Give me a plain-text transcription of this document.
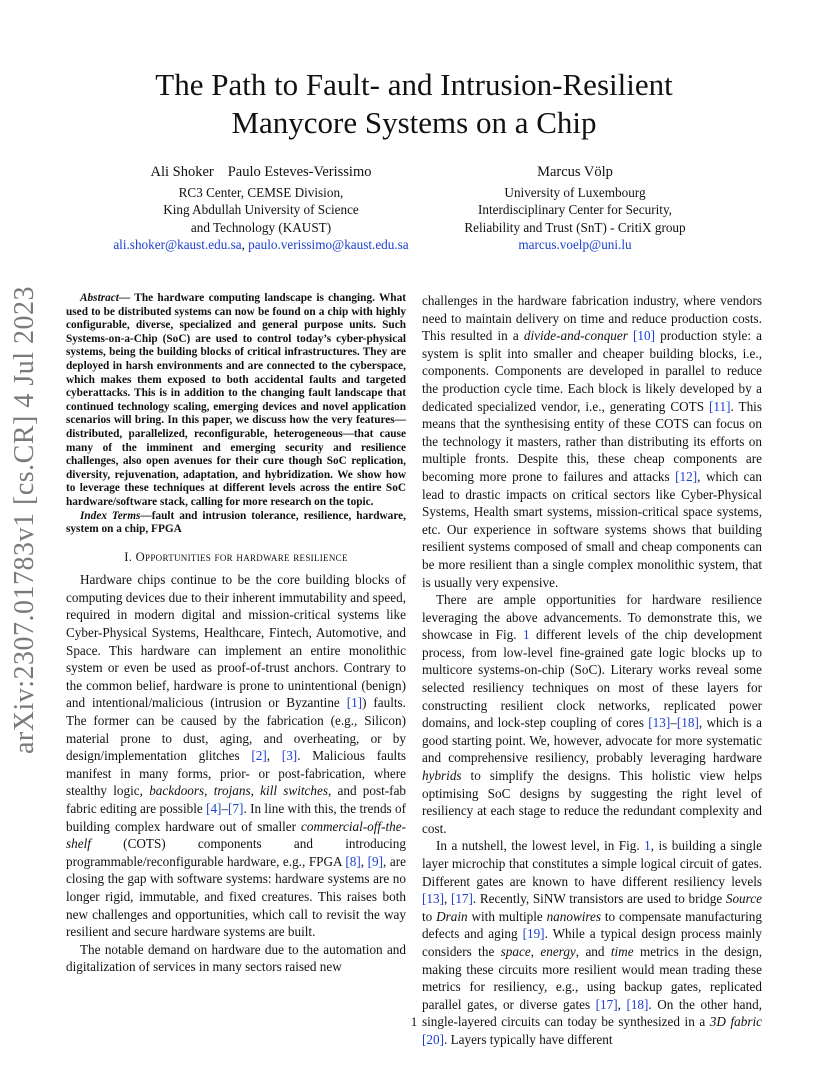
arXiv:2307.01783v1 [cs.CR] 4 Jul 2023
The Path to Fault- and Intrusion-Resilient
Manycore Systems on a Chip
Ali Shoker Paulo Esteves-Verissimo
RC3 Center, CEMSE Division,
King Abdullah University of Science
and Technology (KAUST)
ali.shoker@kaust.edu.sa, paulo.verissimo@kaust.edu.sa
Marcus Völp
University of Luxembourg
Interdisciplinary Center for Security,
Reliability and Trust (SnT) - CritiX group
marcus.voelp@uni.lu

Abstract— The hardware computing landscape is changing. What used to be distributed systems can now be found on a chip with highly configurable, diverse, specialized and general purpose units. Such Systems-on-a-Chip (SoC) are used to control today’s cyber-physical systems, being the building blocks of critical infrastructures. They are deployed in harsh environments and are connected to the cyberspace, which makes them exposed to both accidental faults and targeted cyberattacks. This is in addition to the changing fault landscape that continued technology scaling, emerging devices and novel application scenarios will bring. In this paper, we discuss how the very features—distributed, parallelized, reconfigurable, heterogeneous—that cause many of the imminent and emerging security and resilience challenges, also open avenues for their cure though SoC replication, diversity, rejuvenation, adaptation, and hybridization. We show how to leverage these techniques at different levels across the entire SoC hardware/software stack, calling for more research on the topic.

Index Terms—fault and intrusion tolerance, resilience, hardware, system on a chip, FPGA

I. Opportunities for hardware resilience

Hardware chips continue to be the core building blocks of computing devices due to their inherent immutability and speed, required in modern digital and mission-critical systems like Cyber-Physical Systems, Healthcare, Fintech, Automotive, and Space. This hardware can implement an entire monolithic system or even be used as proof-of-trust anchors. Contrary to the common belief, hardware is prone to unintentional (benign) and intentional/malicious (intrusion or Byzantine [1]) faults. The former can be caused by the fabrication (e.g., Silicon) material prone to dust, aging, and overheating, or by design/implementation glitches [2], [3]. Malicious faults manifest in many forms, prior- or post-fabrication, where stealthy logic, backdoors, trojans, kill switches, and post-fab fabric editing are possible [4]–[7]. In line with this, the trends of building complex hardware out of smaller commercial-off-the-shelf (COTS) components and introducing programmable/reconfigurable hardware, e.g., FPGA [8], [9], are closing the gap with software systems: hardware systems are no longer rigid, immutable, and fixed creatures. This raises both new challenges and opportunities, which call to revisit the way resilient and secure hardware systems are built.

The notable demand on hardware due to the automation and digitalization of services in many sectors raised new

challenges in the hardware fabrication industry, where vendors need to maintain delivery on time and reduce production costs. This resulted in a divide-and-conquer [10] production style: a system is split into smaller and cheaper building blocks, i.e., components. Components are developed in parallel to reduce the production cycle time. Each block is likely developed by a dedicated specialized vendor, i.e., generating COTS [11]. This means that the synthesising entity of these COTS can focus on the technology it masters, rather than distributing its efforts on multiple fronts. Despite this, these cheap components are becoming more prone to failures and attacks [12], which can lead to drastic impacts on critical sectors like Cyber-Physical Systems, Health smart systems, mission-critical space systems, etc. Our experience in software systems shows that building resilient systems composed of small and cheap components can be more resilient than a single complex monolithic system, that is usually very expensive.

There are ample opportunities for hardware resilience leveraging the above advancements. To demonstrate this, we showcase in Fig. 1 different levels of the chip development process, from low-level fine-grained gate logic blocks up to multicore systems-on-chip (SoC). Literary works reveal some selected resiliency techniques on most of these layers for constructing resilient clock networks, replicated power domains, and lock-step coupling of cores [13]–[18], which is a good starting point. We, however, advocate for more systematic and comprehensive resiliency, probably leveraging hardware hybrids to simplify the designs. This holistic view helps optimising SoC designs by suggesting the right level of resiliency at each stage to reduce the redundant complexity and cost.

In a nutshell, the lowest level, in Fig. 1, is building a single layer microchip that constitutes a simple logical circuit of gates. Different gates are known to have different resiliency levels [13], [17]. Recently, SiNW transistors are used to bridge Source to Drain with multiple nanowires to compensate manufacturing defects and aging [19]. While a typical design process mainly considers the space, energy, and time metrics in the design, making these circuits more resilient would mean trading these metrics for resiliency, e.g., using backup gates, replicated parallel gates, or diverse gates [17], [18]. On the other hand, single-layered circuits can today be synthesized in a 3D fabric [20]. Layers typically have different

1
